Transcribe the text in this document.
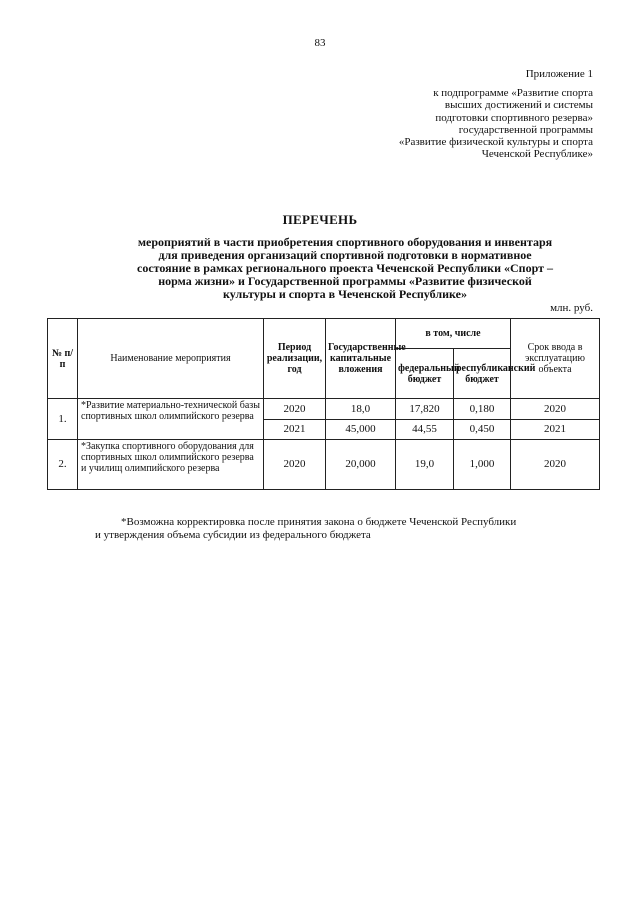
83
Приложение 1
к подпрограмме «Развитие спорта
высших достижений и системы
подготовки спортивного резерва»
государственной программы
«Развитие физической культуры и спорта
Чеченской Республике»
ПЕРЕЧЕНЬ
мероприятий в части приобретения спортивного оборудования и инвентаря
для приведения организаций спортивной подготовки в нормативное
состояние в рамках регионального проекта Чеченской Республики «Спорт –
норма жизни» и Государственной программы «Развитие физической
культуры и спорта в Чеченской Республике»
млн. руб.
№ п/п	Наименование мероприятия	Период реализации, год	Государственные капитальные вложения	в том, числе		Срок ввода в эксплуатацию объекта
				федеральный бюджет	республиканский бюджет	
1.	*Развитие материально-технической базы спортивных школ олимпийского резерва	2020	18,0	17,820	0,180	2020
		2021	45,000	44,55	0,450	2021
2.	*Закупка спортивного оборудования для спортивных школ олимпийского резерва и училищ олимпийского резерва	2020	20,000	19,0	1,000	2020
*Возможна корректировка после принятия закона о бюджете Чеченской Республики
и утверждения объема субсидии из федерального бюджета
